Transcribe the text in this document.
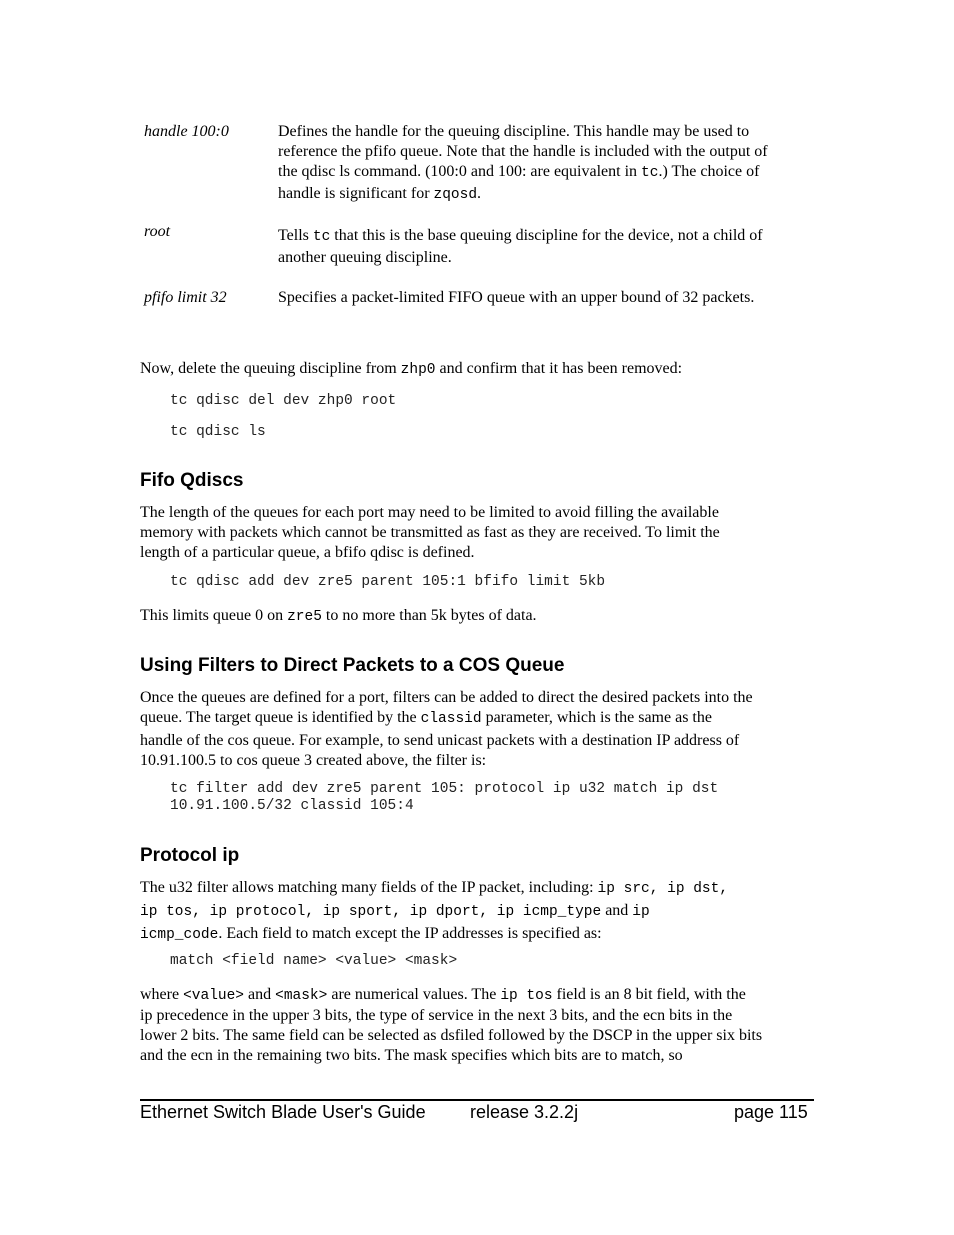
handle 100:0	Defines the handle for the queuing discipline. This handle may be used to

reference the pfifo queue. Note that the handle is included with the output of

the qdisc ls command. (100:0 and 100: are equivalent in tc.) The choice of

handle is significant for zqosd.

root	Tells tc that this is the base queuing discipline for the device, not a child of

another queuing discipline.

pfifo limit 32	Specifies a packet-limited FIFO queue with an upper bound of 32 packets.
Now, delete the queuing discipline from zhp0 and confirm that it has been removed:
tc qdisc del dev zhp0 root
tc qdisc ls
Fifo Qdiscs

The length of the queues for each port may need to be limited to avoid filling the available

memory with packets which cannot be transmitted as fast as they are received. To limit the

length of a particular queue, a bfifo qdisc is defined.

tc qdisc add dev zre5 parent 105:1 bfifo limit 5kb
This limits queue 0 on zre5 to no more than 5k bytes of data.
Using Filters to Direct Packets to a COS Queue

Once the queues are defined for a port, filters can be added to direct the desired packets into the

queue. The target queue is identified by the classid parameter, which is the same as the

handle of the cos queue. For example, to send unicast packets with a destination IP address of

10.91.100.5 to cos queue 3 created above, the filter is:

tc filter add dev zre5 parent 105: protocol ip u32 match ip dst
10.91.100.5/32 classid 105:4
Protocol ip

The u32 filter allows matching many fields of the IP packet, including: ip src, ip dst,

ip tos, ip protocol, ip sport, ip dport, ip icmp_type and ip

icmp_code. Each field to match except the IP addresses is specified as:

match <field name> <value> <mask>

where <value> and <mask> are numerical values. The ip tos field is an 8 bit field, with the

ip precedence in the upper 3 bits, the type of service in the next 3 bits, and the ecn bits in the

lower 2 bits. The same field can be selected as dsfiled followed by the DSCP in the upper six bits

and the ecn in the remaining two bits. The mask specifies which bits are to match, so

Ethernet Switch Blade User's Guide release 3.2.2j	page 115
